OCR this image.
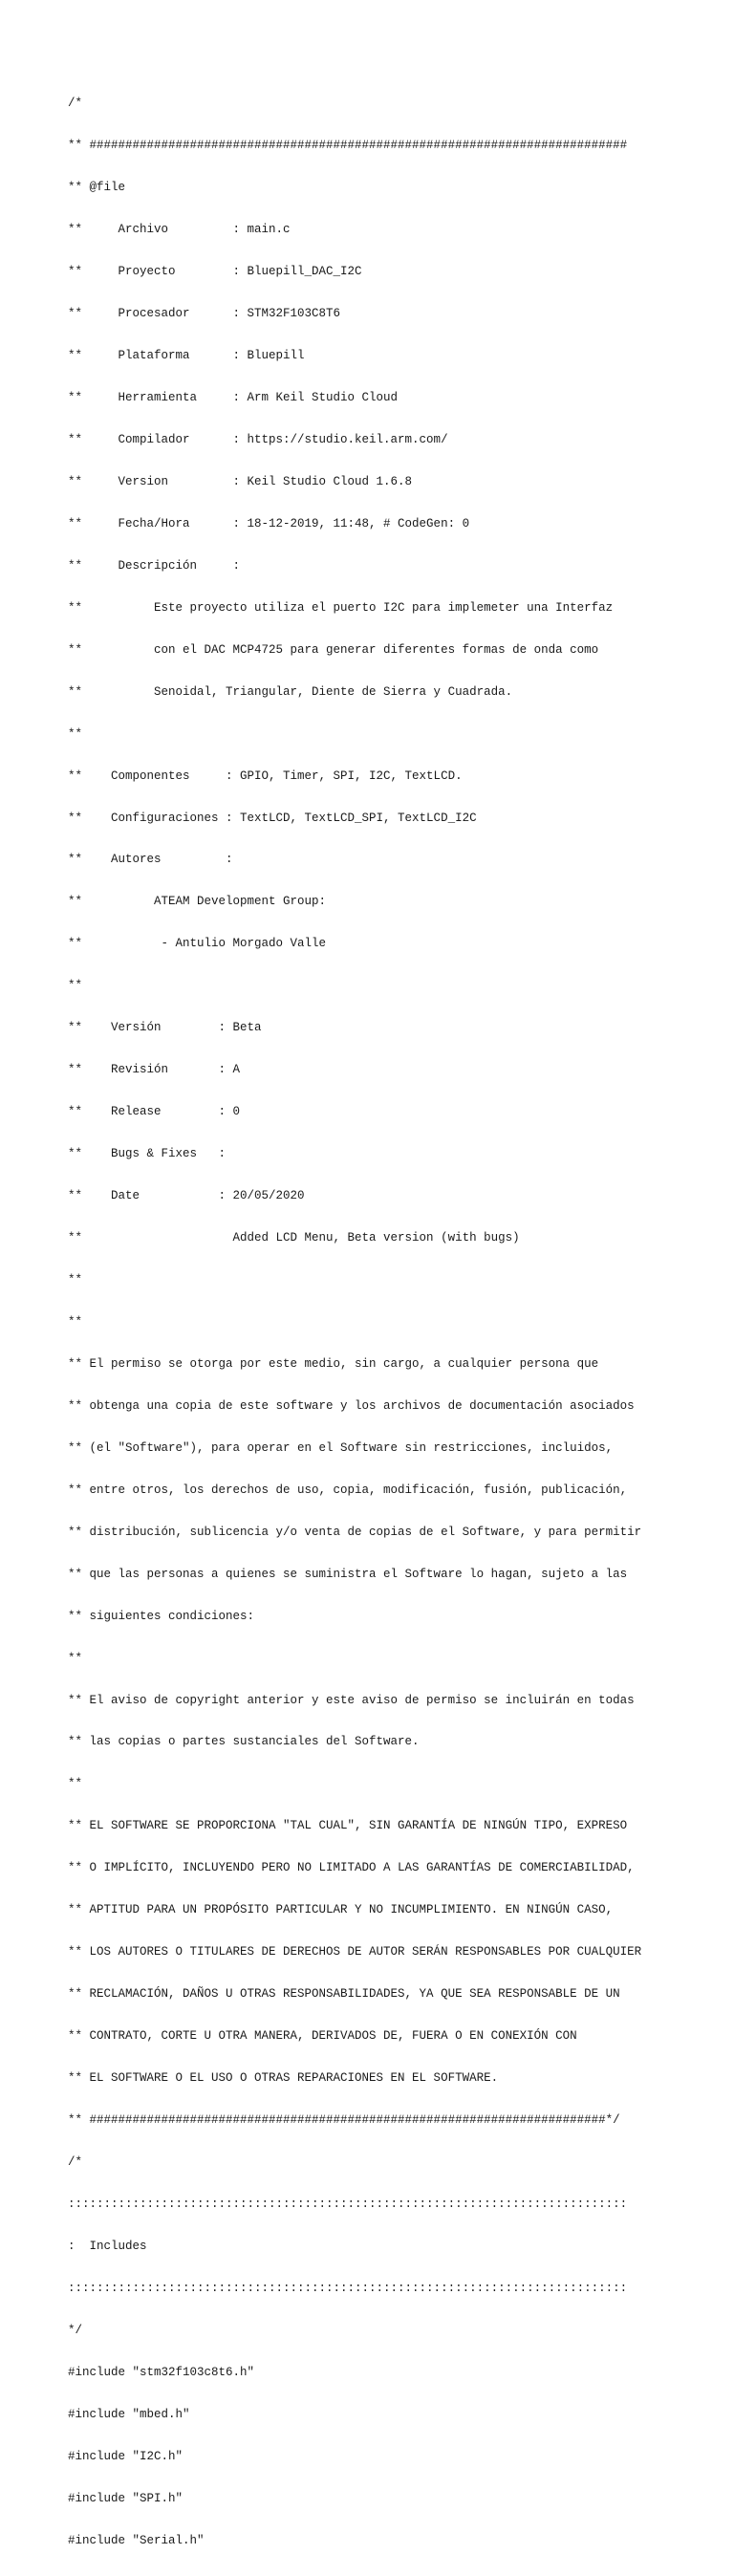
/*

** ###########################################################################

** @file

**     Archivo         : main.c

**     Proyecto        : Bluepill_DAC_I2C

**     Procesador      : STM32F103C8T6

**     Plataforma      : Bluepill

**     Herramienta     : Arm Keil Studio Cloud

**     Compilador      : https://studio.keil.arm.com/

**     Version         : Keil Studio Cloud 1.6.8

**     Fecha/Hora      : 18-12-2019, 11:48, # CodeGen: 0

**     Descripción     :

**          Este proyecto utiliza el puerto I2C para implemeter una Interfaz

**          con el DAC MCP4725 para generar diferentes formas de onda como

**          Senoidal, Triangular, Diente de Sierra y Cuadrada.

**

**    Componentes     : GPIO, Timer, SPI, I2C, TextLCD.

**    Configuraciones : TextLCD, TextLCD_SPI, TextLCD_I2C

**    Autores         :

**          ATEAM Development Group:

**           - Antulio Morgado Valle

**

**    Versión        : Beta

**    Revisión       : A

**    Release        : 0

**    Bugs & Fixes   :

**    Date           : 20/05/2020

**                     Added LCD Menu, Beta version (with bugs)

**

**

** El permiso se otorga por este medio, sin cargo, a cualquier persona que

** obtenga una copia de este software y los archivos de documentación asociados

** (el "Software"), para operar en el Software sin restricciones, incluidos,

** entre otros, los derechos de uso, copia, modificación, fusión, publicación,

** distribución, sublicencia y/o venta de copias de el Software, y para permitir

** que las personas a quienes se suministra el Software lo hagan, sujeto a las

** siguientes condiciones:

**

** El aviso de copyright anterior y este aviso de permiso se incluirán en todas

** las copias o partes sustanciales del Software.

**

** EL SOFTWARE SE PROPORCIONA "TAL CUAL", SIN GARANTÍA DE NINGÚN TIPO, EXPRESO

** O IMPLÍCITO, INCLUYENDO PERO NO LIMITADO A LAS GARANTÍAS DE COMERCIABILIDAD,

** APTITUD PARA UN PROPÓSITO PARTICULAR Y NO INCUMPLIMIENTO. EN NINGÚN CASO,

** LOS AUTORES O TITULARES DE DERECHOS DE AUTOR SERÁN RESPONSABLES POR CUALQUIER

** RECLAMACIÓN, DAÑOS U OTRAS RESPONSABILIDADES, YA QUE SEA RESPONSABLE DE UN

** CONTRATO, CORTE U OTRA MANERA, DERIVADOS DE, FUERA O EN CONEXIÓN CON

** EL SOFTWARE O EL USO O OTRAS REPARACIONES EN EL SOFTWARE.

** ########################################################################*/

/*

::::::::::::::::::::::::::::::::::::::::::::::::::::::::::::::::::::::::::::::

:  Includes

::::::::::::::::::::::::::::::::::::::::::::::::::::::::::::::::::::::::::::::

*/

#include "stm32f103c8t6.h"

#include "mbed.h"

#include "I2C.h"

#include "SPI.h"

#include "Serial.h"
